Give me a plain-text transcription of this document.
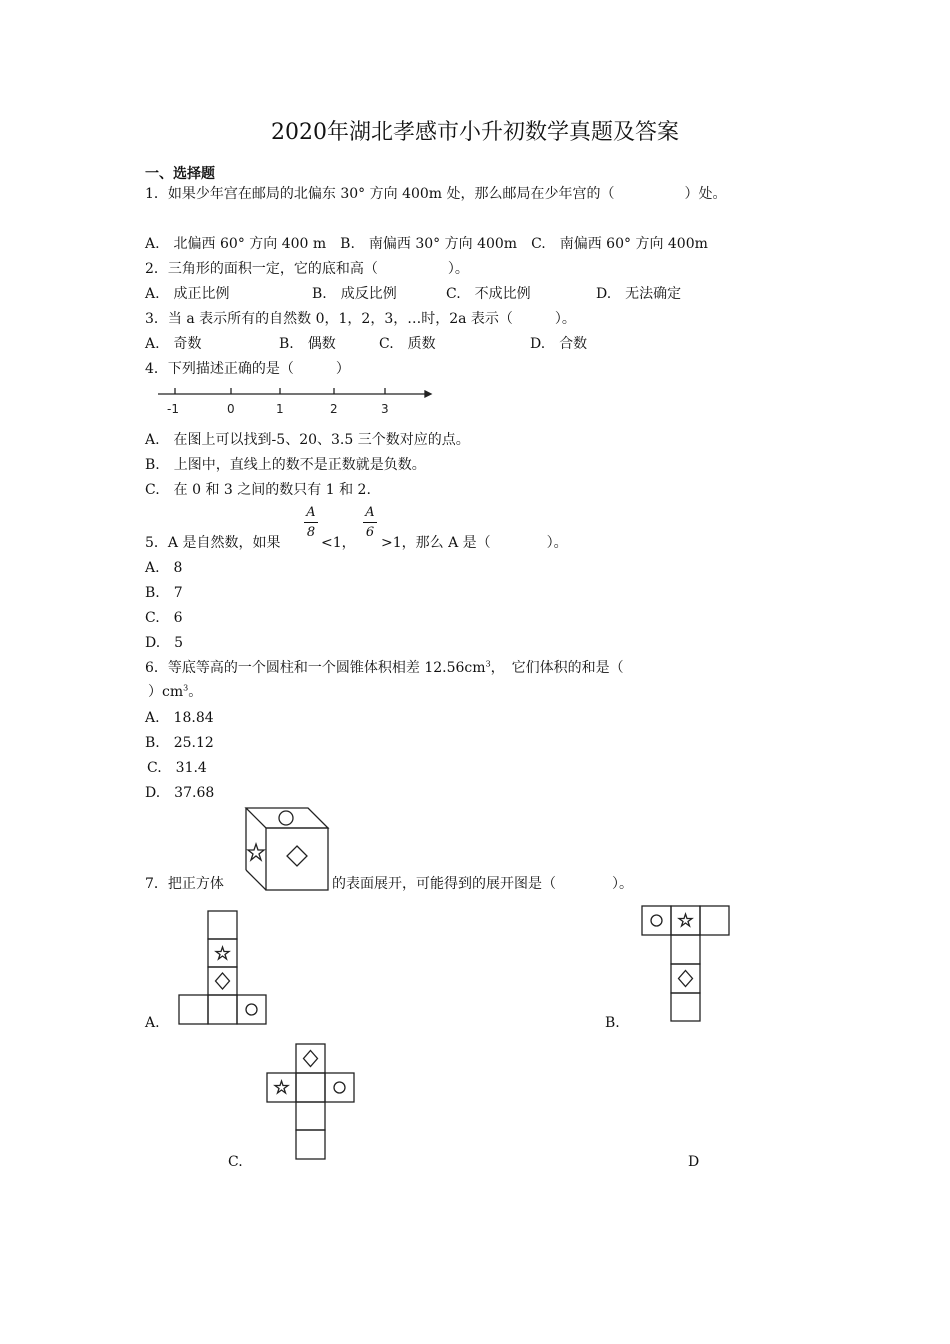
2020年湖北孝感市小升初数学真题及答案
一、选择题
1．如果少年宫在邮局的北偏东 30° 方向 400m 处，那么邮局在少年宫的（　　　　　）处。
A.　北偏西 60° 方向 400 m　B.　南偏西 30° 方向 400m　C.　南偏西 60° 方向 400m
2．三角形的面积一定，它的底和高（　　　　　）。
A.　成正比例	B.　成反比例	C.　不成比例	D.　无法确定
3．当 a 表示所有的自然数 0，1，2，3，…时，2a 表示（　　　）。
A.　奇数	B.　偶数	C.　质数	D.　合数
4．下列描述正确的是（　　　）
-1	0	1	2	3
A.　在图上可以找到-5、20、3.5 三个数对应的点。
B.　上图中，直线上的数不是正数就是负数。
C.　在 0 和 3 之间的数只有 1 和 2.
5．A 是自然数，如果
A
8
<1，
A
6
>1，那么 A 是（　　　　）。
A.　8
B.　7
C.　6
D.　5
6．等底等高的一个圆柱和一个圆锥体积相差 $12.56cm^3$，　它们体积的和是（
）$cm^3$。
A.　18.84
B.　25.12
C.　31.4
D.　37.68
7．把正方体	的表面展开，可能得到的展开图是（　　　　）。
A.	B.
C.	D
